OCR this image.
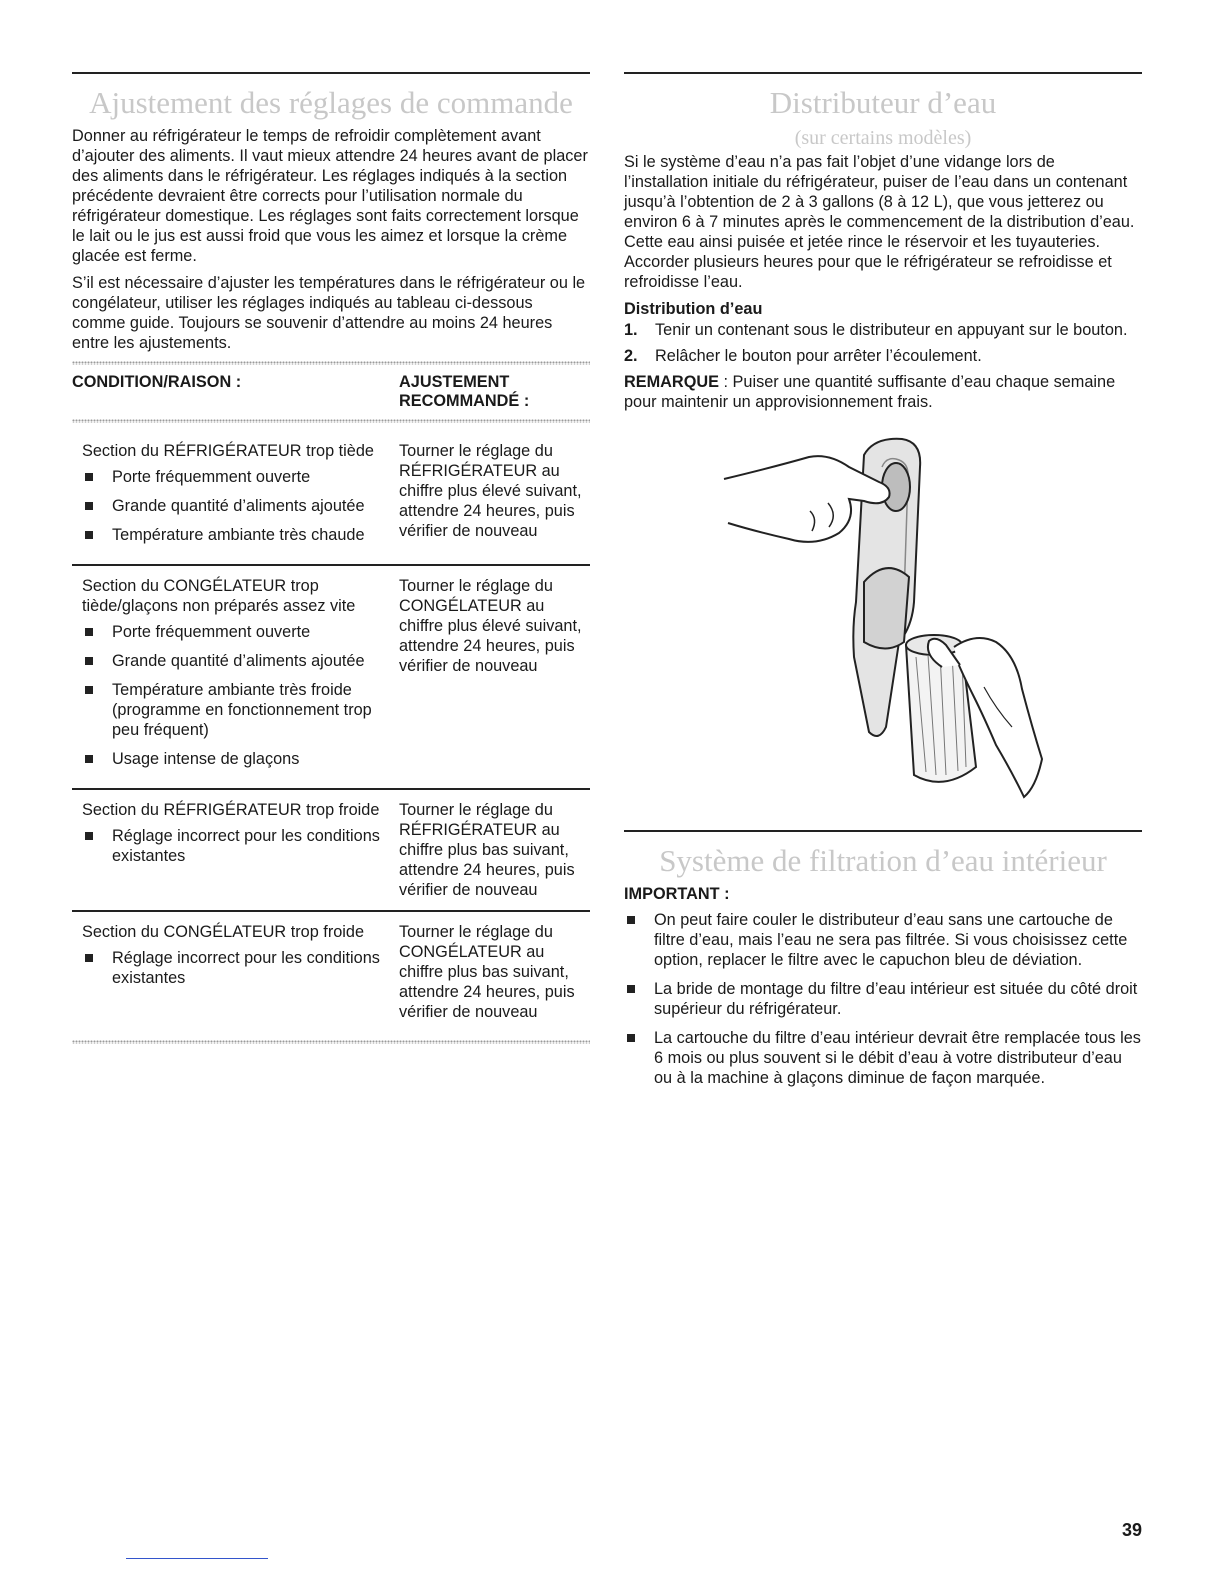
Ajustement des réglages de commande

Donner au réfrigérateur le temps de refroidir complètement avant d’ajouter des aliments. Il vaut mieux attendre 24 heures avant de placer des aliments dans le réfrigérateur. Les réglages indiqués à la section précédente devraient être corrects pour l’utilisation normale du réfrigérateur domestique. Les réglages sont faits correctement lorsque le lait ou le jus est aussi froid que vous les aimez et lorsque la crème glacée est ferme.

S’il est nécessaire d’ajuster les températures dans le réfrigérateur ou le congélateur, utiliser les réglages indiqués au tableau ci-dessous comme guide. Toujours se souvenir d’attendre au moins 24 heures entre les ajustements.

CONDITION/RAISON :	AJUSTEMENT RECOMMANDÉ :
Section du RÉFRIGÉRATEUR trop tiède
Porte fréquemment ouverte
Grande quantité d’aliments ajoutée
Température ambiante très chaude
Tourner le réglage du RÉFRIGÉRATEUR au chiffre plus élevé suivant, attendre 24 heures, puis vérifier de nouveau
Section du CONGÉLATEUR trop tiède/glaçons non préparés assez vite
Porte fréquemment ouverte
Grande quantité d’aliments ajoutée
Température ambiante très froide (programme en fonctionnement trop peu fréquent)
Usage intense de glaçons
Tourner le réglage du CONGÉLATEUR au chiffre plus élevé suivant, attendre 24 heures, puis vérifier de nouveau
Section du RÉFRIGÉRATEUR trop froide
Réglage incorrect pour les conditions existantes
Tourner le réglage du RÉFRIGÉRATEUR au chiffre plus bas suivant, attendre 24 heures, puis vérifier de nouveau
Section du CONGÉLATEUR trop froide
Réglage incorrect pour les conditions existantes
Tourner le réglage du CONGÉLATEUR au chiffre plus bas suivant, attendre 24 heures, puis vérifier de nouveau
Distributeur d’eau
(sur certains modèles)

Si le système d’eau n’a pas fait l’objet d’une vidange lors de l’installation initiale du réfrigérateur, puiser de l’eau dans un contenant jusqu’à l’obtention de 2 à 3 gallons (8 à 12 L), que vous jetterez ou environ 6 à 7 minutes après le commencement de la distribution d’eau. Cette eau ainsi puisée et jetée rince le réservoir et les tuyauteries. Accorder plusieurs heures pour que le réfrigérateur se refroidisse et refroidisse l’eau.

Distribution d’eau
1. Tenir un contenant sous le distributeur en appuyant sur le bouton.
2. Relâcher le bouton pour arrêter l’écoulement.

REMARQUE : Puiser une quantité suffisante d’eau chaque semaine pour maintenir un approvisionnement frais.

Système de filtration d’eau intérieur
IMPORTANT :
On peut faire couler le distributeur d’eau sans une cartouche de filtre d’eau, mais l’eau ne sera pas filtrée. Si vous choisissez cette option, replacer le filtre avec le capuchon bleu de déviation.
La bride de montage du filtre d’eau intérieur est située du côté droit supérieur du réfrigérateur.
La cartouche du filtre d’eau intérieur devrait être remplacée tous les 6 mois ou plus souvent si le débit d’eau à votre distributeur d’eau ou à la machine à glaçons diminue de façon marquée.
39
